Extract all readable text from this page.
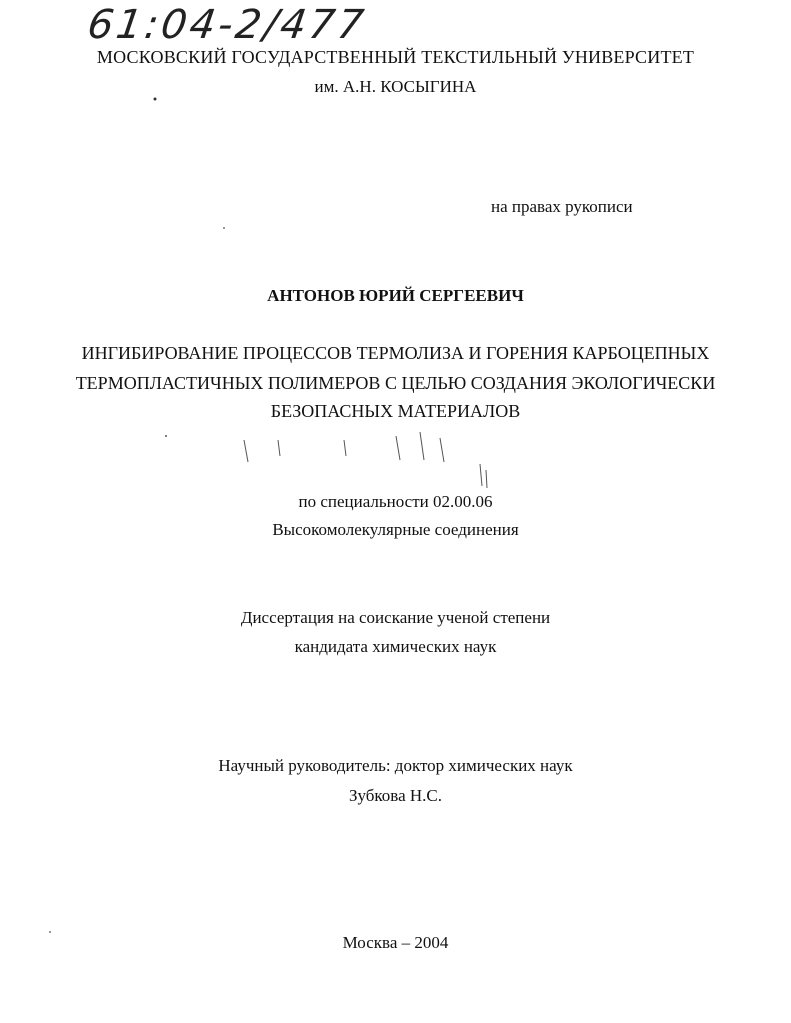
61:04-2/477
МОСКОВСКИЙ ГОСУДАРСТВЕННЫЙ ТЕКСТИЛЬНЫЙ УНИВЕРСИТЕТ
им. А.Н. КОСЫГИНА
на правах рукописи
АНТОНОВ ЮРИЙ СЕРГЕЕВИЧ
ИНГИБИРОВАНИЕ ПРОЦЕССОВ ТЕРМОЛИЗА И ГОРЕНИЯ КАРБОЦЕПНЫХ
ТЕРМОПЛАСТИЧНЫХ ПОЛИМЕРОВ С ЦЕЛЬЮ СОЗДАНИЯ ЭКОЛОГИЧЕСКИ
БЕЗОПАСНЫХ МАТЕРИАЛОВ
по специальности 02.00.06
Высокомолекулярные соединения
Диссертация на соискание ученой степени
кандидата химических наук
Научный руководитель: доктор химических наук
Зубкова Н.С.
Москва – 2004
